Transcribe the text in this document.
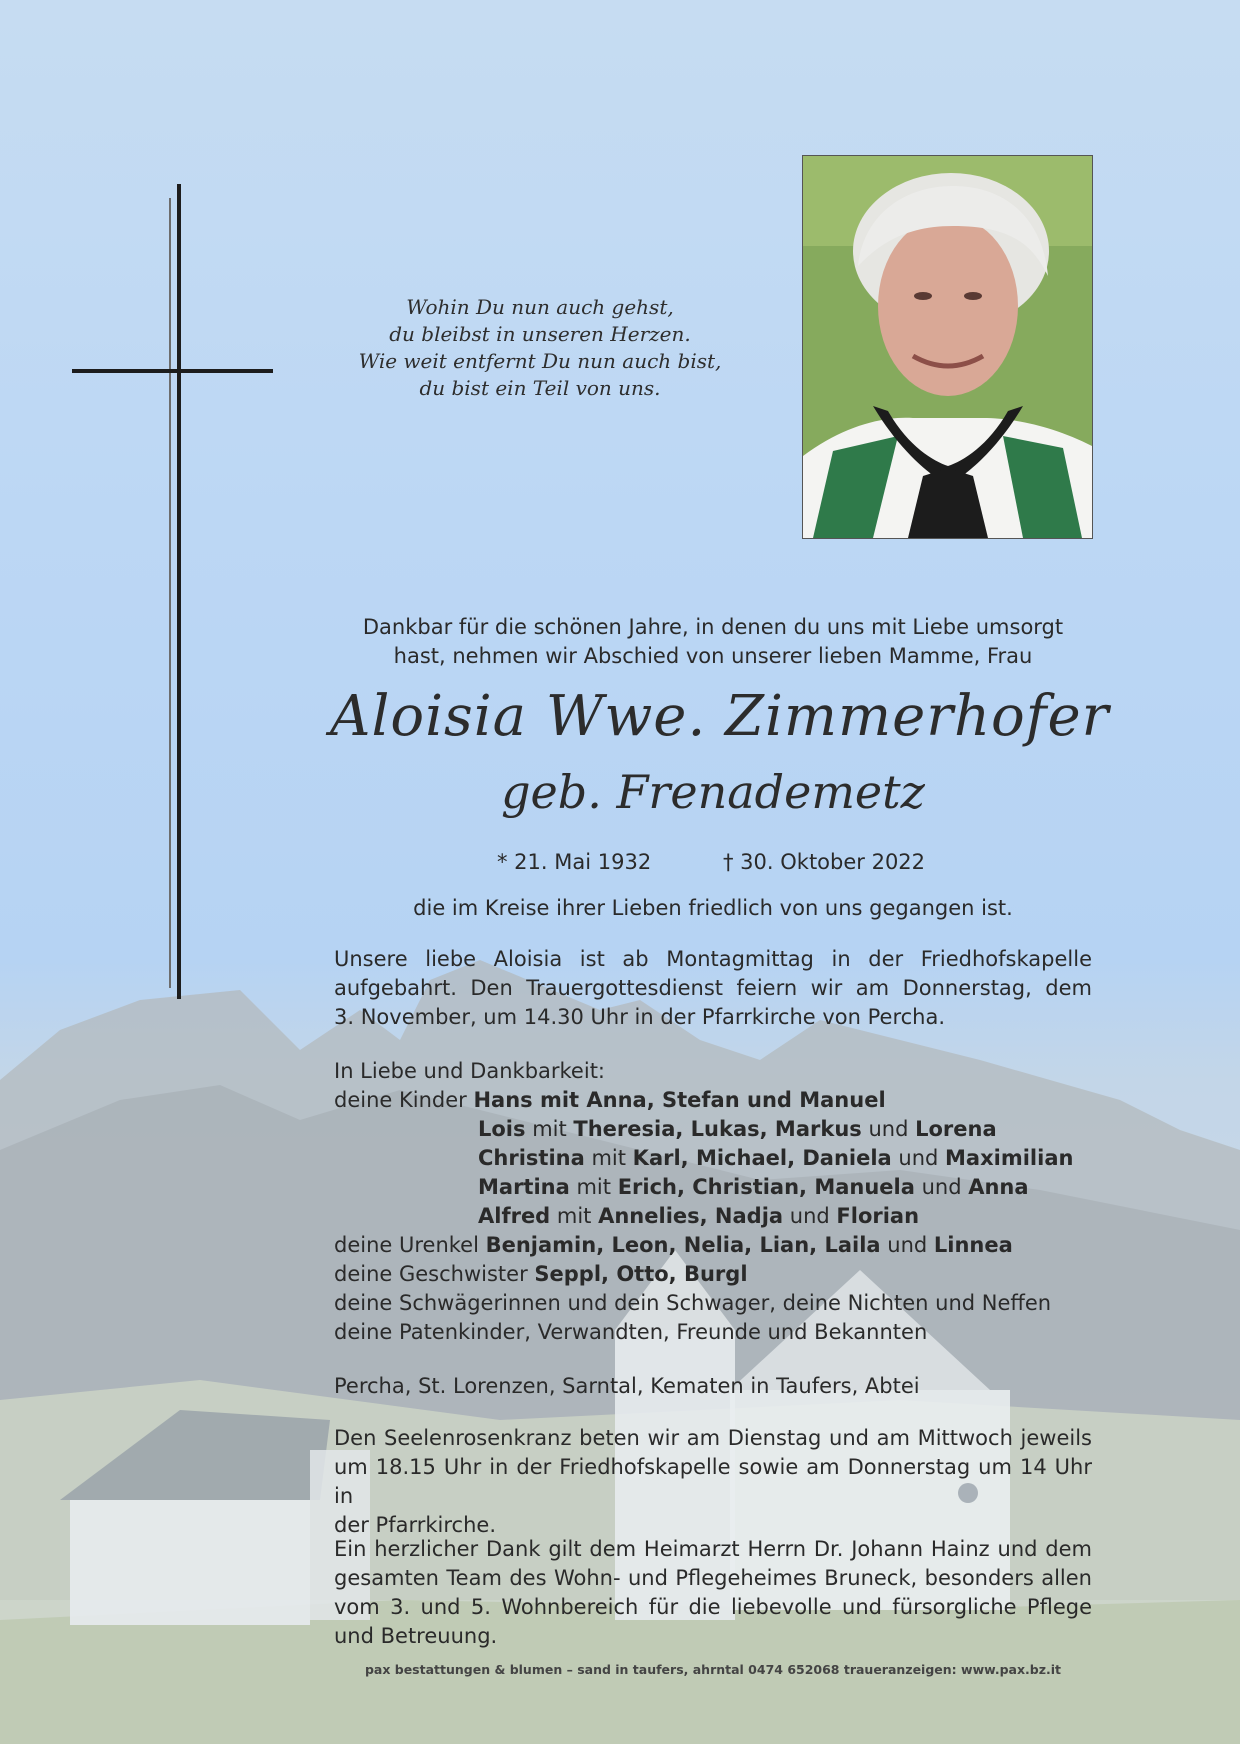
Wohin Du nun auch gehst,
du bleibst in unseren Herzen.
Wie weit entfernt Du nun auch bist,
du bist ein Teil von uns.
Dankbar für die schönen Jahre, in denen du uns mit Liebe umsorgt
hast, nehmen wir Abschied von unserer lieben Mamme, Frau
Aloisia Wwe. Zimmerhofer
geb. Frenademetz
* 21. Mai 1932	† 30. Oktober 2022
die im Kreise ihrer Lieben friedlich von uns gegangen ist.
Unsere liebe Aloisia ist ab Montagmittag in der Friedhofskapelle
aufgebahrt. Den Trauergottesdienst feiern wir am Donnerstag, dem
3. November, um 14.30 Uhr in der Pfarrkirche von Percha.
In Liebe und Dankbarkeit:
deine Kinder Hans mit Anna, Stefan und Manuel
Lois mit Theresia, Lukas, Markus und Lorena
Christina mit Karl, Michael, Daniela und Maximilian
Martina mit Erich, Christian, Manuela und Anna
Alfred mit Annelies, Nadja und Florian
deine Urenkel Benjamin, Leon, Nelia, Lian, Laila und Linnea
deine Geschwister Seppl, Otto, Burgl
deine Schwägerinnen und dein Schwager, deine Nichten und Neffen
deine Patenkinder, Verwandten, Freunde und Bekannten
Percha, St. Lorenzen, Sarntal, Kematen in Taufers, Abtei
Den Seelenrosenkranz beten wir am Dienstag und am Mittwoch jeweils
um 18.15 Uhr in der Friedhofskapelle sowie am Donnerstag um 14 Uhr in
der Pfarrkirche.
Ein herzlicher Dank gilt dem Heimarzt Herrn Dr. Johann Hainz und dem
gesamten Team des Wohn- und Pflegeheimes Bruneck, besonders allen
vom 3. und 5. Wohnbereich für die liebevolle und fürsorgliche Pflege
und Betreuung.
pax bestattungen & blumen – sand in taufers, ahrntal 0474 652068 traueranzeigen: www.pax.bz.it
